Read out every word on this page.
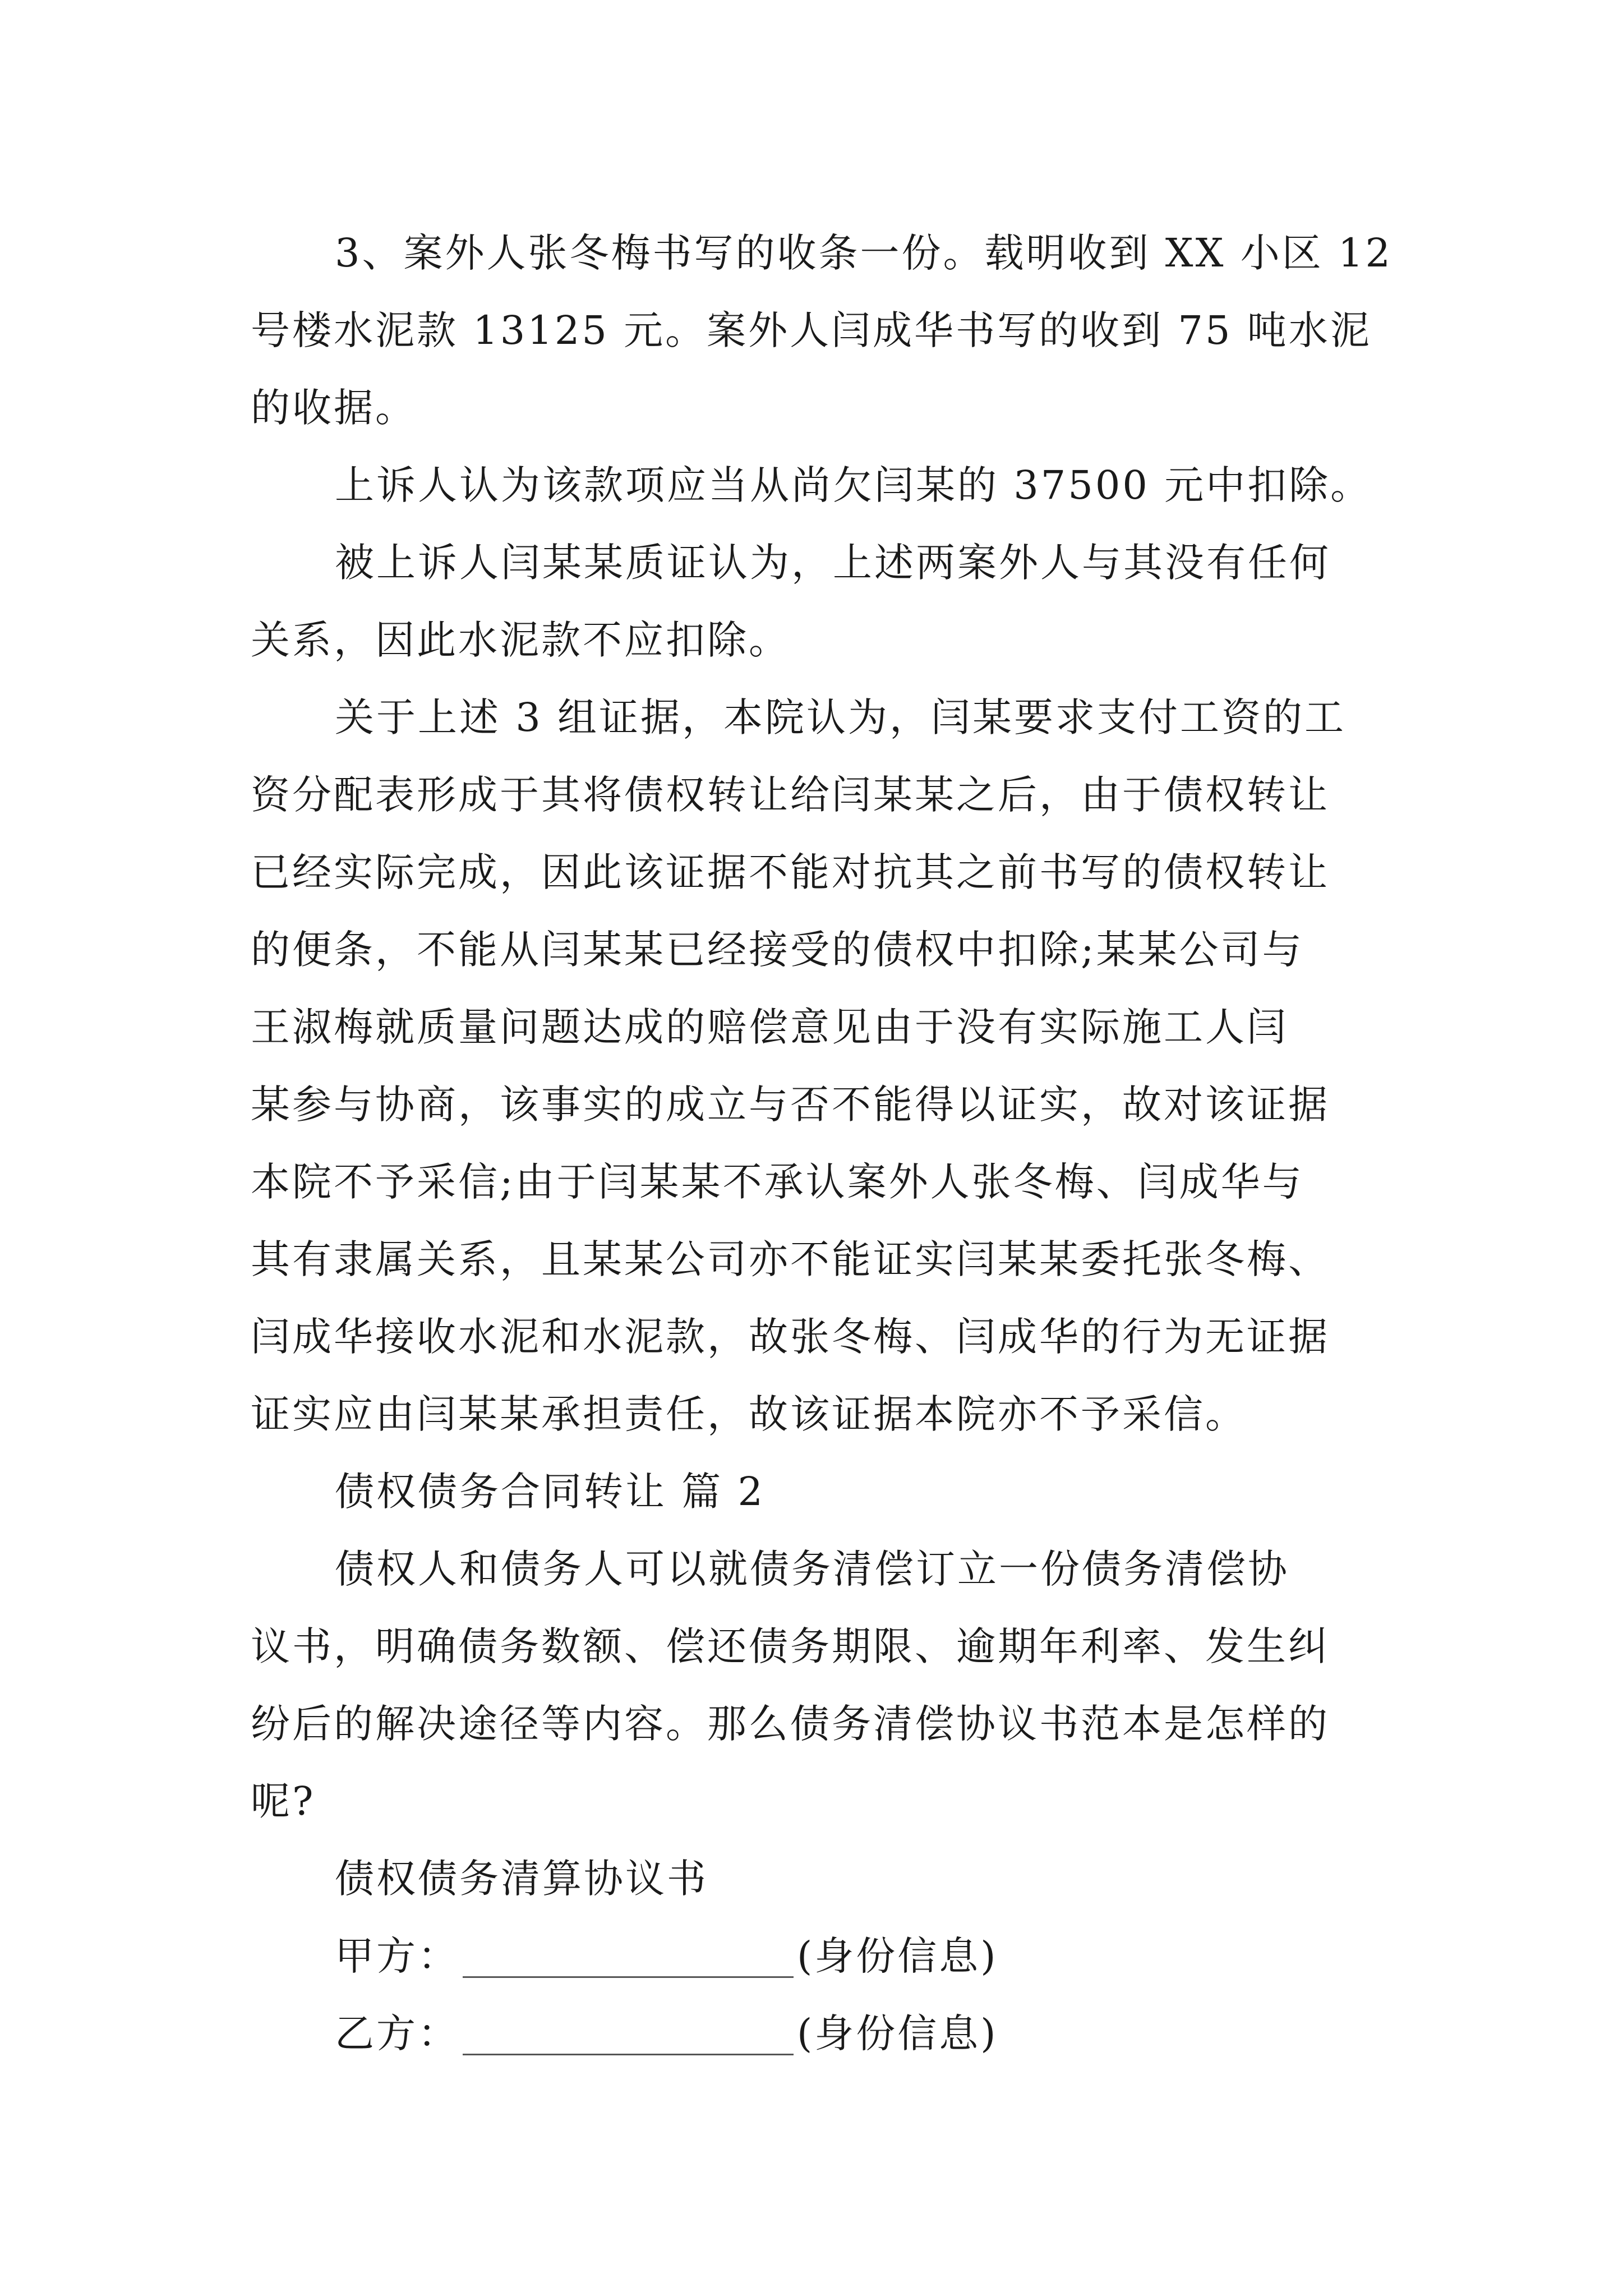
3、案外人张冬梅书写的收条一份。载明收到 XX 小区 12
号楼水泥款 13125 元。案外人闫成华书写的收到 75 吨水泥
的收据。
上诉人认为该款项应当从尚欠闫某的 37500 元中扣除。
被上诉人闫某某质证认为，上述两案外人与其没有任何
关系，因此水泥款不应扣除。
关于上述 3 组证据，本院认为，闫某要求支付工资的工
资分配表形成于其将债权转让给闫某某之后，由于债权转让
已经实际完成，因此该证据不能对抗其之前书写的债权转让
的便条，不能从闫某某已经接受的债权中扣除;某某公司与
王淑梅就质量问题达成的赔偿意见由于没有实际施工人闫
某参与协商，该事实的成立与否不能得以证实，故对该证据
本院不予采信;由于闫某某不承认案外人张冬梅、闫成华与
其有隶属关系，且某某公司亦不能证实闫某某委托张冬梅、
闫成华接收水泥和水泥款，故张冬梅、闫成华的行为无证据
证实应由闫某某承担责任，故该证据本院亦不予采信。
债权债务合同转让 篇 2
债权人和债务人可以就债务清偿订立一份债务清偿协
议书，明确债务数额、偿还债务期限、逾期年利率、发生纠
纷后的解决途径等内容。那么债务清偿协议书范本是怎样的
呢?
债权债务清算协议书
甲方：	(身份信息)
乙方：	(身份信息)
